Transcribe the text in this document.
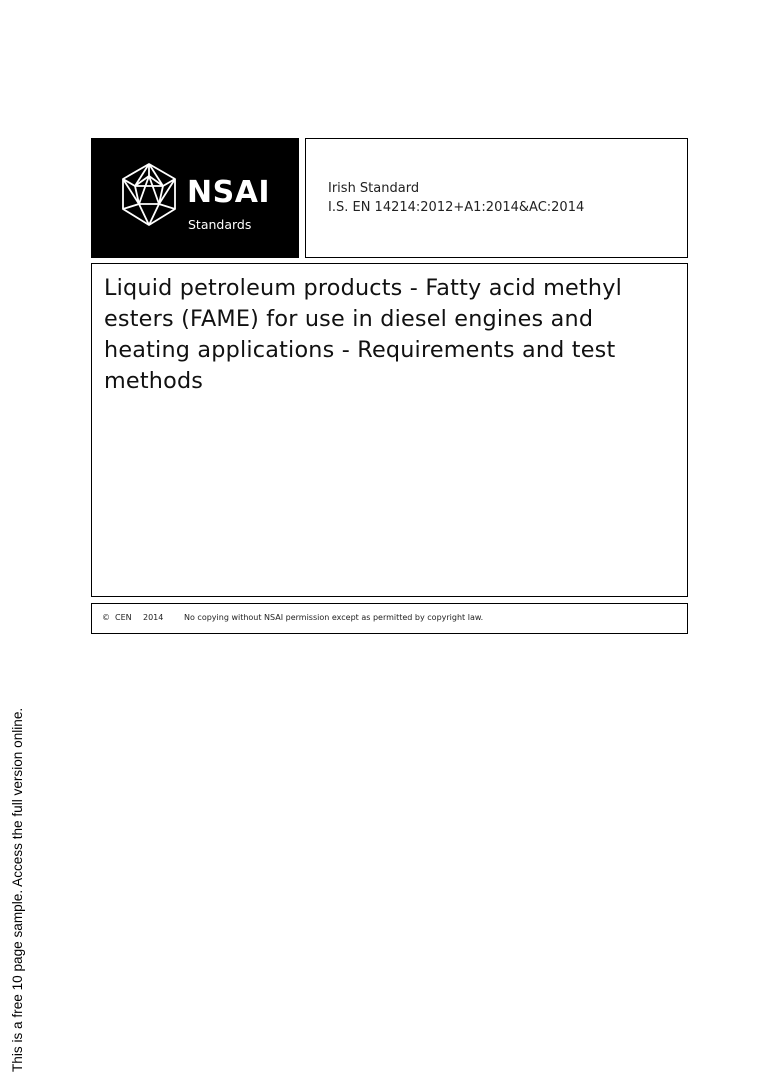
This is a free 10 page sample. Access the full version online.
NSAI
Standards
Irish Standard
I.S. EN 14214:2012+A1:2014&AC:2014
Liquid petroleum products - Fatty acid methyl esters (FAME) for use in diesel engines and heating applications - Requirements and test methods
© CEN 2014	No copying without NSAI permission except as permitted by copyright law.
